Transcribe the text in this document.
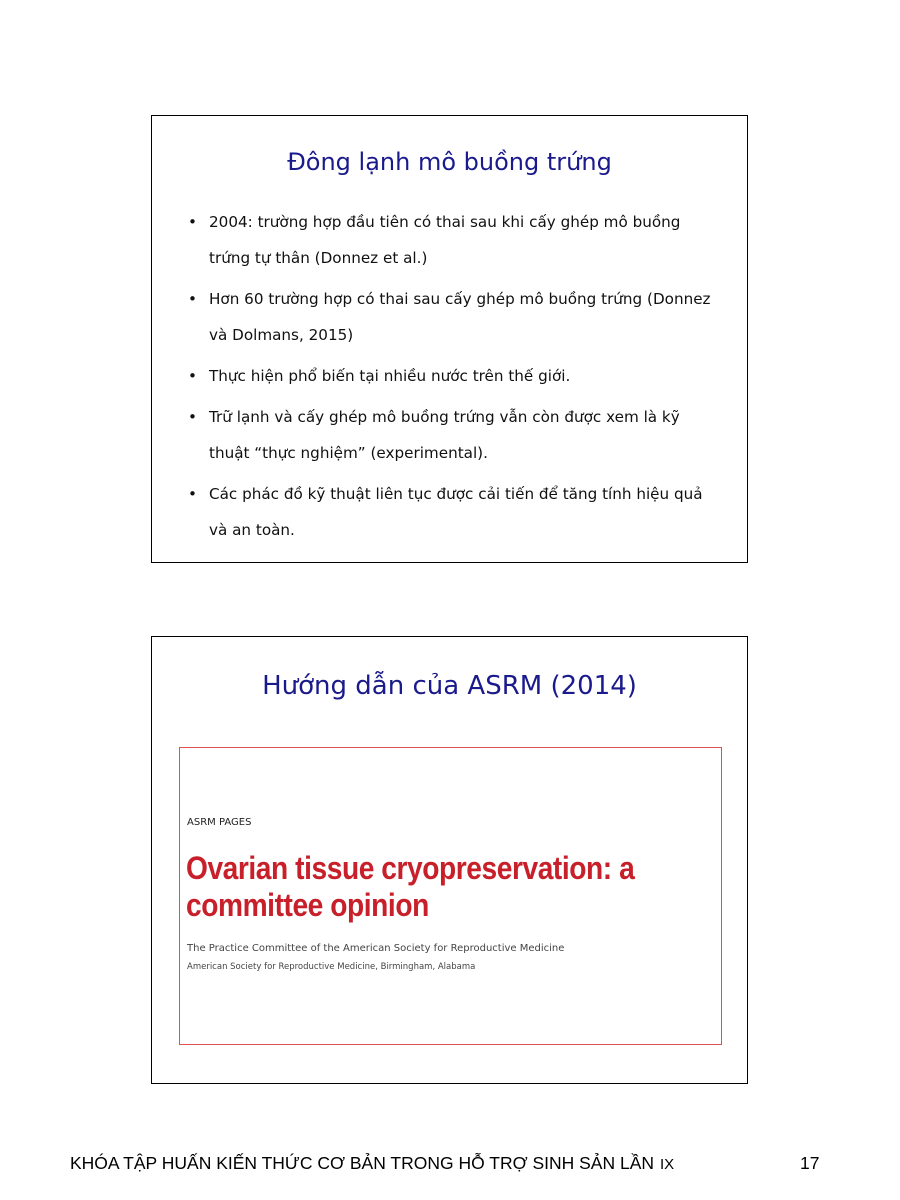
Đông lạnh mô buồng trứng
• 2004: trường hợp đầu tiên có thai sau khi cấy ghép mô buồng trứng tự thân (Donnez et al.)
• Hơn 60 trường hợp có thai sau cấy ghép mô buồng trứng (Donnez và Dolmans, 2015)
• Thực hiện phổ biến tại nhiều nước trên thế giới.
• Trữ lạnh và cấy ghép mô buồng trứng vẫn còn được xem là kỹ thuật “thực nghiệm” (experimental).
• Các phác đồ kỹ thuật liên tục được cải tiến để tăng tính hiệu quả và an toàn.
Hướng dẫn của ASRM (2014)

ASRM PAGES

Ovarian tissue cryopreservation: a
committee opinion

The Practice Committee of the American Society for Reproductive Medicine

American Society for Reproductive Medicine, Birmingham, Alabama

KHÓA TẬP HUẤN KIẾN THỨC CƠ BẢN TRONG HỖ TRỢ SINH SẢN LẦN IX	17
